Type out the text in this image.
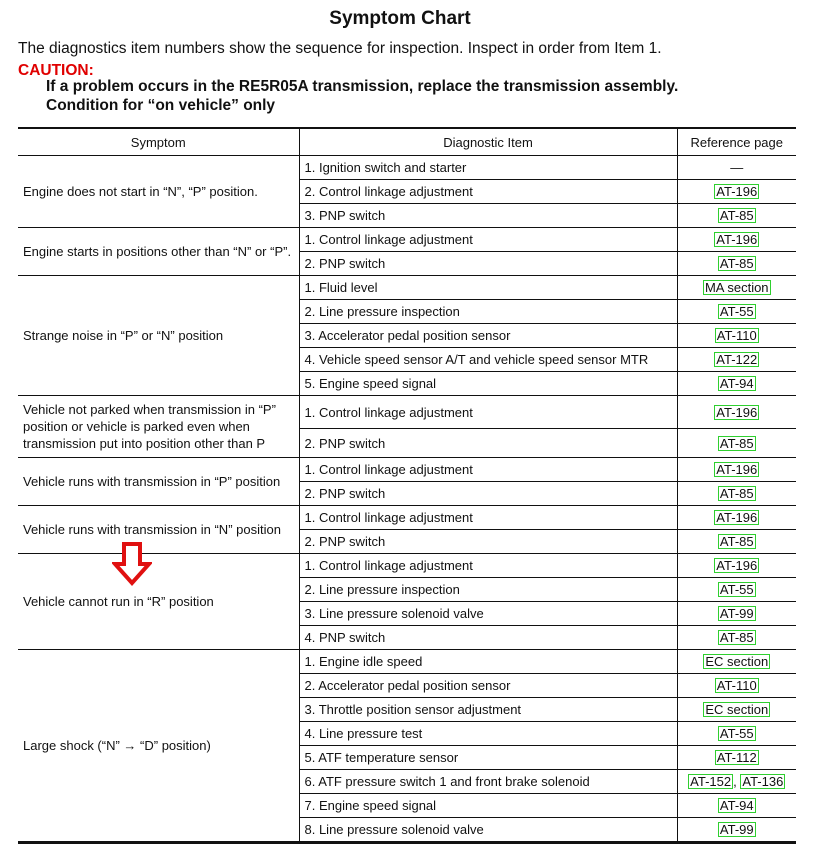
Symptom Chart
The diagnostics item numbers show the sequence for inspection. Inspect in order from Item 1.
CAUTION:
If a problem occurs in the RE5R05A transmission, replace the transmission assembly.
Condition for “on vehicle” only
Symptom	Diagnostic Item	Reference page
Engine does not start in “N”, “P” position.	1. Ignition switch and starter	—
	2. Control linkage adjustment	AT-196
	3. PNP switch	AT-85
Engine starts in positions other than “N” or “P”.	1. Control linkage adjustment	AT-196
	2. PNP switch	AT-85
Strange noise in “P” or “N” position	1. Fluid level	MA section
	2. Line pressure inspection	AT-55
	3. Accelerator pedal position sensor	AT-110
	4. Vehicle speed sensor A/T and vehicle speed sensor MTR	AT-122
	5. Engine speed signal	AT-94
Vehicle not parked when transmission in “P” position or vehicle is parked even when transmission put into position other than P	1. Control linkage adjustment	AT-196
	2. PNP switch	AT-85
Vehicle runs with transmission in “P” position	1. Control linkage adjustment	AT-196
	2. PNP switch	AT-85
Vehicle runs with transmission in “N” position	1. Control linkage adjustment	AT-196
	2. PNP switch	AT-85
Vehicle cannot run in “R” position	1. Control linkage adjustment	AT-196
	2. Line pressure inspection	AT-55
	3. Line pressure solenoid valve	AT-99
	4. PNP switch	AT-85
Large shock (“N” → “D” position)	1. Engine idle speed	EC section
	2. Accelerator pedal position sensor	AT-110
	3. Throttle position sensor adjustment	EC section
	4. Line pressure test	AT-55
	5. ATF temperature sensor	AT-112
	6. ATF pressure switch 1 and front brake solenoid	AT-152 , AT-136
	7. Engine speed signal	AT-94
	8. Line pressure solenoid valve	AT-99
